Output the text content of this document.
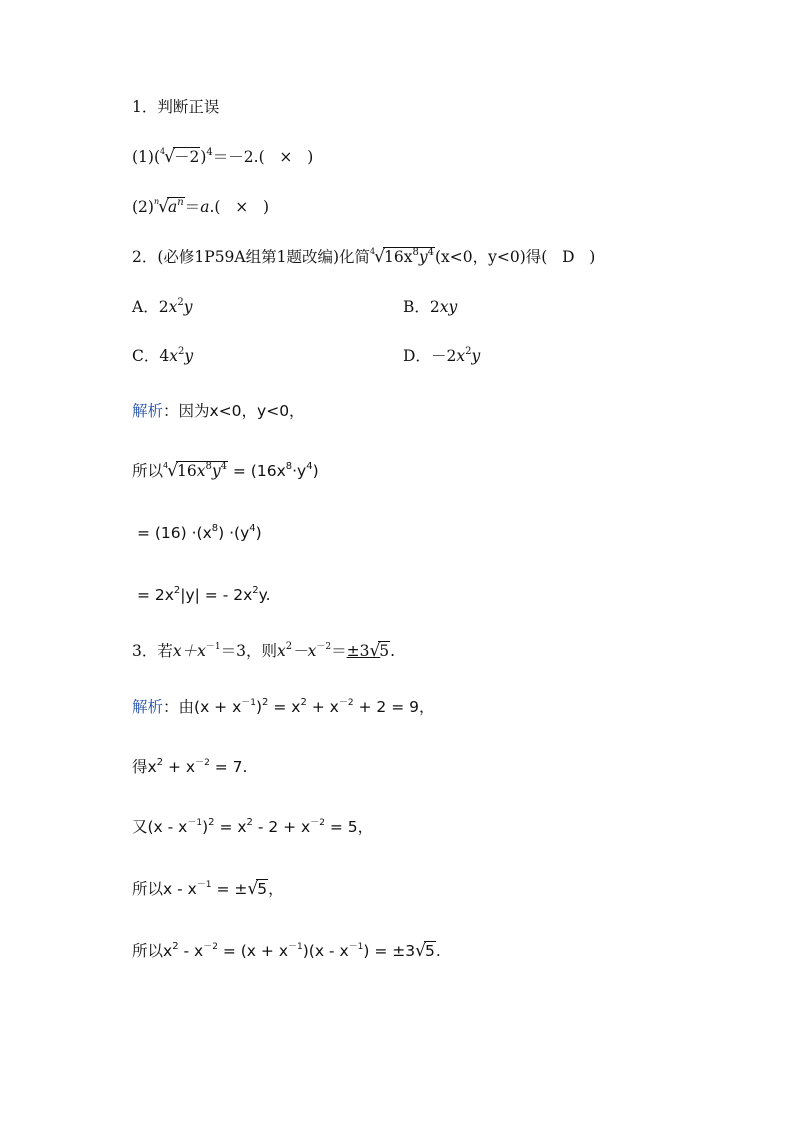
1．判断正误
$(1)(^4√-2)^4=-2$.( × )
$(2)^n√a^n=a$.( × )
2．(必修1P59A组第1题改编)化简$^4√16x^8y^4(x<0$，y<0)得( D )
A．$2x^2y$	B．2xy
C．$4x^2y$	D．$-2x^2y$
解析：因为x<0，y<0，
所以$^4√16x^8y^4 = (16x^8\cdot y^4)$
= $(16) \cdot(x^8) \cdot(y^4)$
= $2x^2|y|$ = - $2x^2y$.
3．若$x+x^{-1}=3$，则$x^2-x^{-2}=\pm 3√5$.
解析：由$(x + x^{-1})^2 = x^2 + x^{-2} + 2 = 9$，
得$x^2 + x^{-2} = 7$.
又$(x - x^{-1})^2 = x^2 - 2 + x^{-2} = 5$，
所以$x - x^{-1} = \pm√5$，
所以$x^2 - x^{-2} = (x + x^{-1})(x - x^{-1}) = \pm 3√5$.
